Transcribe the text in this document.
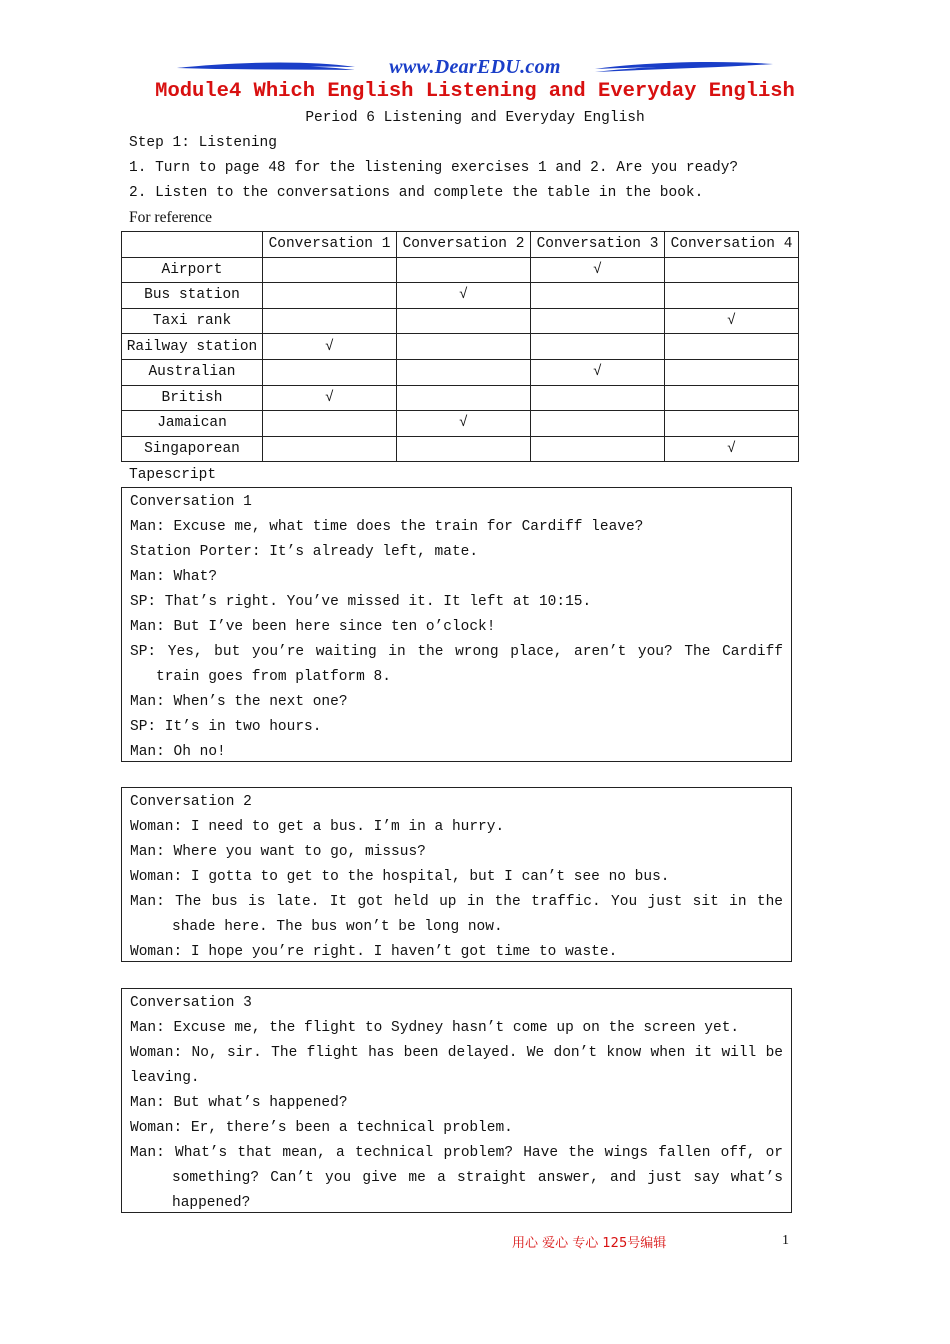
www.DearEDU.com
Module4 Which English Listening and Everyday English
Period 6 Listening and Everyday English
Step 1: Listening
1. Turn to page 48 for the listening exercises 1 and 2. Are you ready?
2. Listen to the conversations and complete the table in the book.
For reference
	Conversation 1	Conversation 2	Conversation 3	Conversation 4
Airport			√	
Bus station		√		
Taxi rank				√
Railway station	√			
Australian			√	
British	√			
Jamaican		√		
Singaporean				√
Tapescript

Conversation 1

Man: Excuse me, what time does the train for Cardiff leave?

Station Porter: It’s already left, mate.

Man: What?

SP: That’s right. You’ve missed it. It left at 10:15.

Man: But I’ve been here since ten o’clock!

SP: Yes, but you’re waiting in the wrong place, aren’t you? The Cardiff train goes from platform 8.

Man: When’s the next one?

SP: It’s in two hours.

Man: Oh no!

Conversation 2

Woman: I need to get a bus. I’m in a hurry.

Man: Where you want to go, missus?

Woman: I gotta to get to the hospital, but I can’t see no bus.

Man: The bus is late. It got held up in the traffic. You just sit in the shade here. The bus won’t be long now.

Woman: I hope you’re right. I haven’t got time to waste.

Conversation 3

Man: Excuse me, the flight to Sydney hasn’t come up on the screen yet.

Woman: No, sir. The flight has been delayed. We don’t know when it will be leaving.

Man: But what’s happened?

Woman: Er, there’s been a technical problem.

Man: What’s that mean, a technical problem? Have the wings fallen off, or something? Can’t you give me a straight answer, and just say what’s happened?

用心 爱心 专心 125号编辑	1
